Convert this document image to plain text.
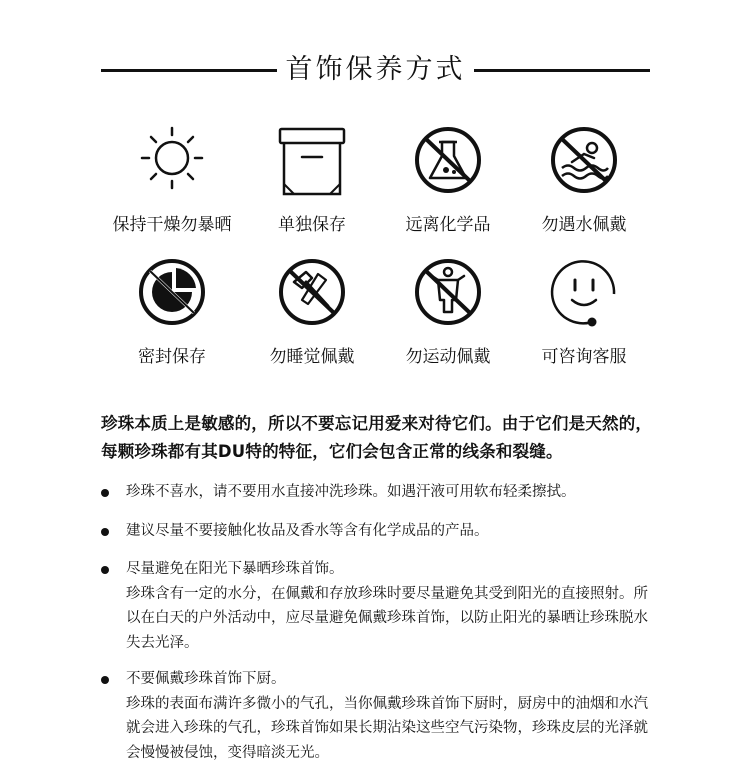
首饰保养方式
保持干燥勿暴晒	单独保存	远离化学品	勿遇水佩戴
密封保存	勿睡觉佩戴	勿运动佩戴	可咨询客服
珍珠本质上是敏感的，所以不要忘记用爱来对待它们。由于它们是天然的，每颗珍珠都有其DU特的特征，它们会包含正常的线条和裂缝。
珍珠不喜水，请不要用水直接冲洗珍珠。如遇汗液可用软布轻柔擦拭。
建议尽量不要接触化妆品及香水等含有化学成品的产品。
尽量避免在阳光下暴晒珍珠首饰。
珍珠含有一定的水分，在佩戴和存放珍珠时要尽量避免其受到阳光的直接照射。所以在白天的户外活动中，应尽量避免佩戴珍珠首饰，以防止阳光的暴晒让珍珠脱水失去光泽。
不要佩戴珍珠首饰下厨。
珍珠的表面布满许多微小的气孔，当你佩戴珍珠首饰下厨时，厨房中的油烟和水汽就会进入珍珠的气孔，珍珠首饰如果长期沾染这些空气污染物，珍珠皮层的光泽就会慢慢被侵蚀，变得暗淡无光。
